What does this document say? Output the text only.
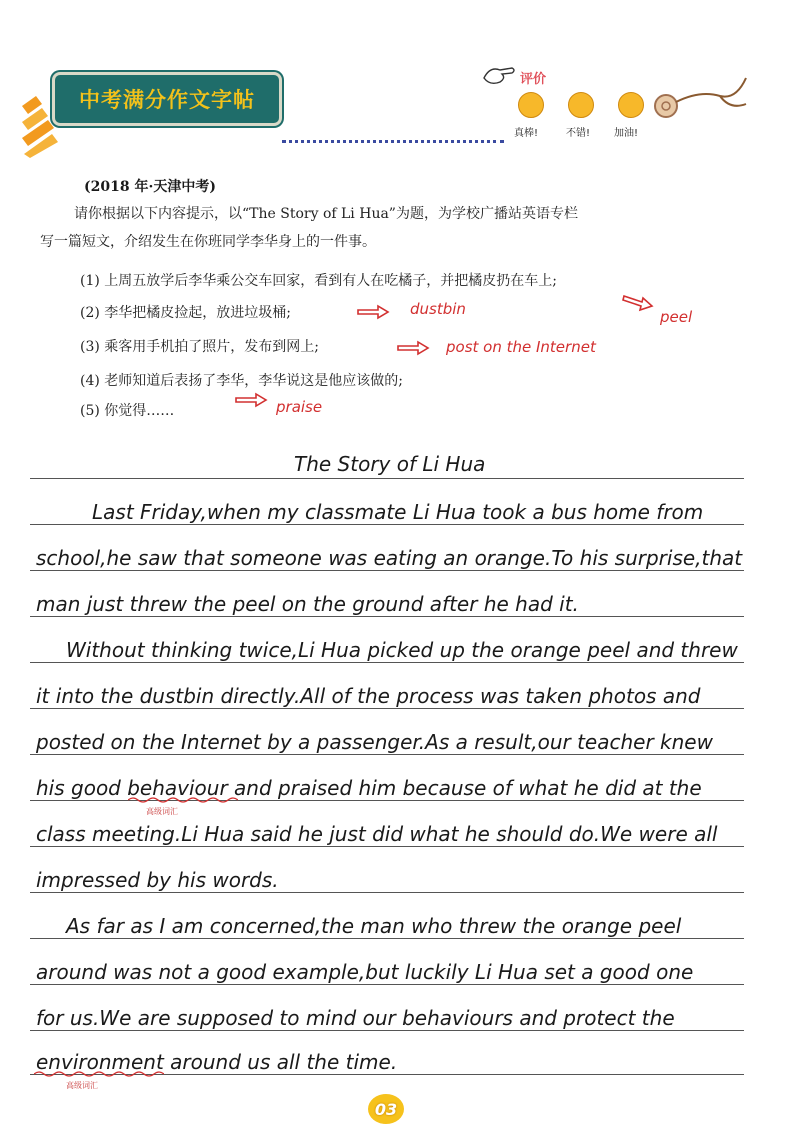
中考满分作文字帖
评价
真棒!	不错! 加油!
(2018 年·天津中考)
请你根据以下内容提示，以“The Story of Li Hua”为题，为学校广播站英语专栏
写一篇短文，介绍发生在你班同学李华身上的一件事。
(1) 上周五放学后李华乘公交车回家，看到有人在吃橘子，并把橘皮扔在车上;
(2) 李华把橘皮捡起，放进垃圾桶;
(3) 乘客用手机拍了照片，发布到网上;
(4) 老师知道后表扬了李华，李华说这是他应该做的;
(5) 你觉得……
dustbin
post on the Internet
praise
peel
The Story of Li Hua
Last Friday,when my classmate Li Hua took a bus home from
school,he saw that someone was eating an orange.To his surprise,that
man just threw the peel on the ground after he had it.
Without thinking twice,Li Hua picked up the orange peel and threw
it into the dustbin directly.All of the process was taken photos and
posted on the Internet by a passenger.As a result,our teacher knew
his good behaviour and praised him because of what he did at the
class meeting.Li Hua said he just did what he should do.We were all
impressed by his words.
As far as I am concerned,the man who threw the orange peel
around was not a good example,but luckily Li Hua set a good one
for us.We are supposed to mind our behaviours and protect the
environment around us all the time.
高级词汇
高级词汇
03
